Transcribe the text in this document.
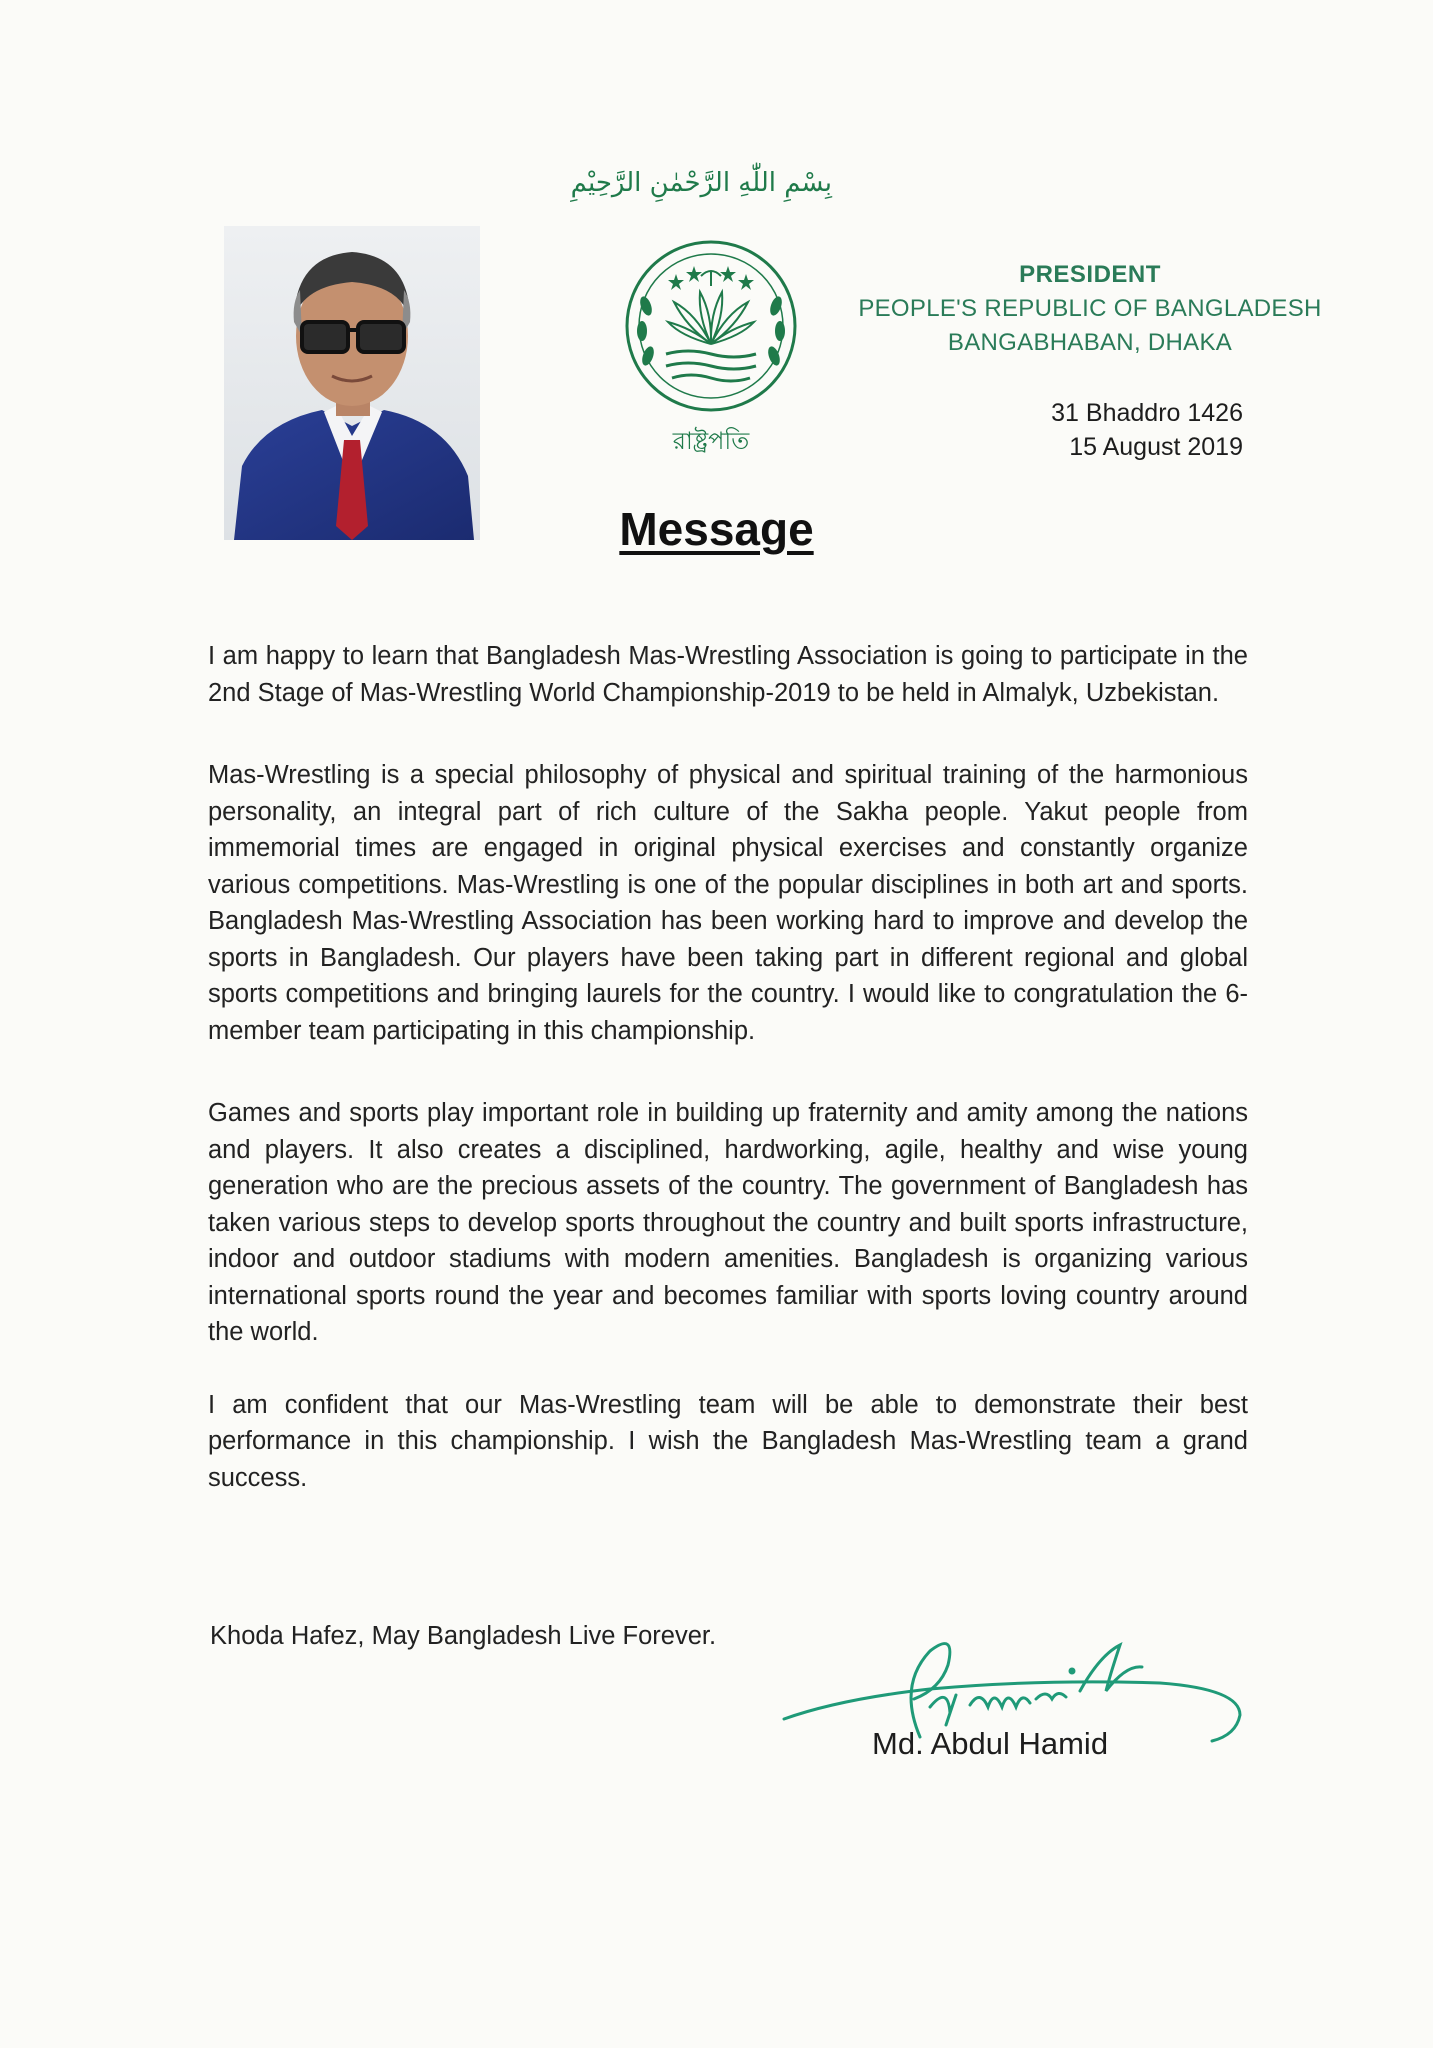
بِسْمِ اللّٰهِ الرَّحْمٰنِ الرَّحِيْمِ
রাষ্ট্রপতি
PRESIDENT
PEOPLE'S REPUBLIC OF BANGLADESH
BANGABHABAN, DHAKA
31 Bhaddro 1426
15 August 2019
Message

I am happy to learn that Bangladesh Mas-Wrestling Association is going to participate in the 2nd Stage of Mas-Wrestling World Championship-2019 to be held in Almalyk, Uzbekistan.

Mas-Wrestling is a special philosophy of physical and spiritual training of the harmonious personality, an integral part of rich culture of the Sakha people. Yakut people from immemorial times are engaged in original physical exercises and constantly organize various competitions. Mas-Wrestling is one of the popular disciplines in both art and sports. Bangladesh Mas-Wrestling Association has been working hard to improve and develop the sports in Bangladesh. Our players have been taking part in different regional and global sports competitions and bringing laurels for the country. I would like to congratulation the 6-member team participating in this championship.

Games and sports play important role in building up fraternity and amity among the nations and players. It also creates a disciplined, hardworking, agile, healthy and wise young generation who are the precious assets of the country. The government of Bangladesh has taken various steps to develop sports throughout the country and built sports infrastructure, indoor and outdoor stadiums with modern amenities. Bangladesh is organizing various international sports round the year and becomes familiar with sports loving country around the world.

I am confident that our Mas-Wrestling team will be able to demonstrate their best performance in this championship. I wish the Bangladesh Mas-Wrestling team a grand success.

Khoda Hafez, May Bangladesh Live Forever.
Md. Abdul Hamid
